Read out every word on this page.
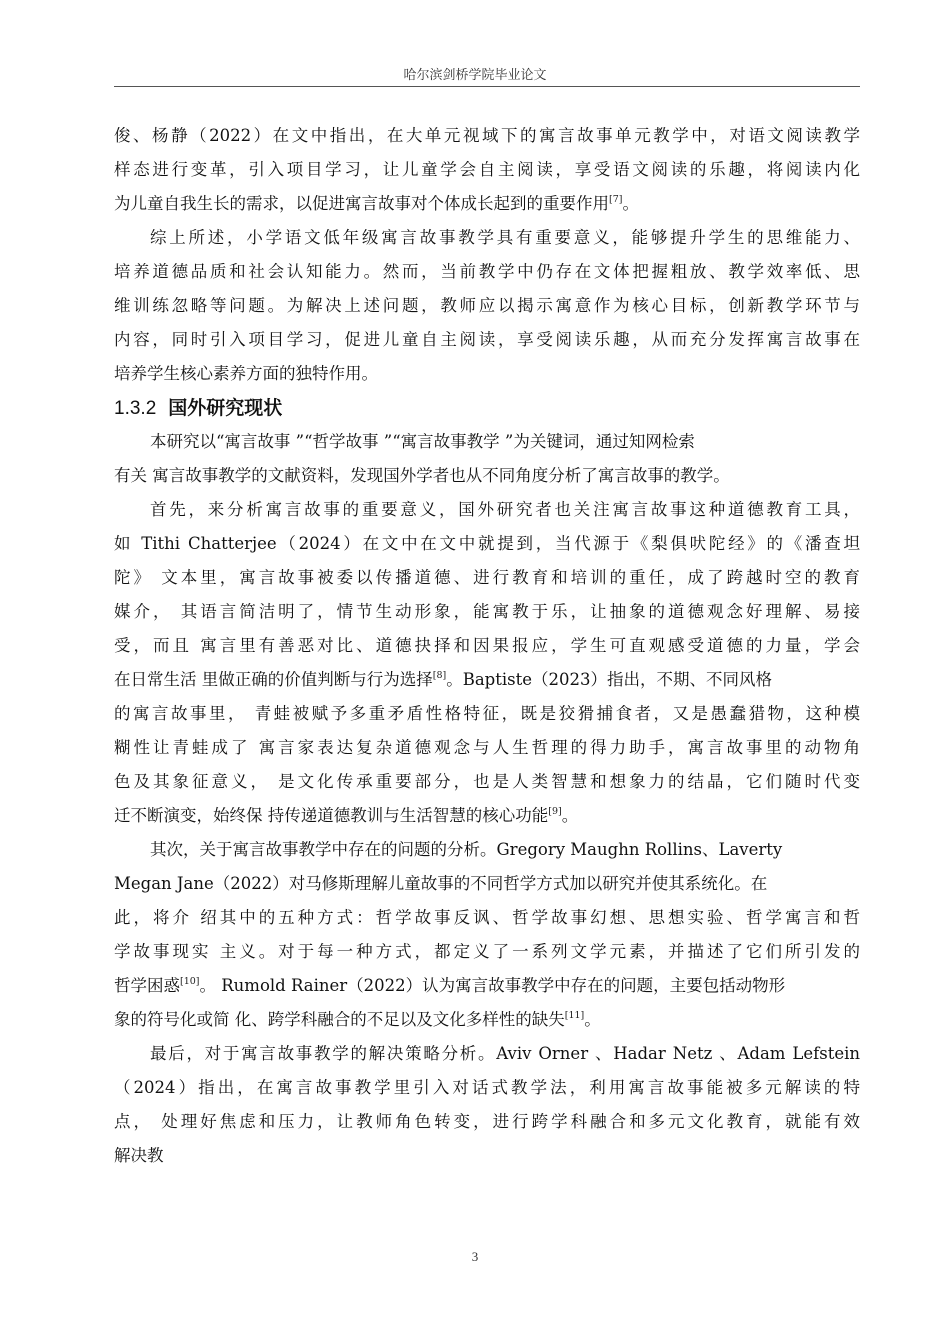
哈尔滨剑桥学院毕业论文
俊、杨静（2022）在文中指出，在大单元视域下的寓言故事单元教学中，对语文阅读教学
样态进行变革，引入项目学习，让儿童学会自主阅读，享受语文阅读的乐趣，将阅读内化
为儿童自我生长的需求，以促进寓言故事对个体成长起到的重要作用[7]。
综上所述，小学语文低年级寓言故事教学具有重要意义，能够提升学生的思维能力、
培养道德品质和社会认知能力。然而，当前教学中仍存在文体把握粗放、教学效率低、思
维训练忽略等问题。为解决上述问题，教师应以揭示寓意作为核心目标，创新教学环节与
内容，同时引入项目学习，促进儿童自主阅读，享受阅读乐趣，从而充分发挥寓言故事在
培养学生核心素养方面的独特作用。
1.3.2 国外研究现状
本研究以“寓言故事 ”“哲学故事 ”“寓言故事教学 ”为关键词，通过知网检索
有关 寓言故事教学的文献资料，发现国外学者也从不同角度分析了寓言故事的教学。
首先，来分析寓言故事的重要意义，国外研究者也关注寓言故事这种道德教育工具，
如 Tithi Chatterjee（2024）在文中在文中就提到，当代源于《梨俱吠陀经》的《潘查坦
陀》 文本里，寓言故事被委以传播道德、进行教育和培训的重任，成了跨越时空的教育
媒介， 其语言简洁明了，情节生动形象，能寓教于乐，让抽象的道德观念好理解、易接
受，而且 寓言里有善恶对比、道德抉择和因果报应，学生可直观感受道德的力量，学会
在日常生活 里做正确的价值判断与行为选择[8]。Baptiste（2023）指出，不期、不同风格
的寓言故事里， 青蛙被赋予多重矛盾性格特征，既是狡猾捕食者，又是愚蠢猎物，这种模
糊性让青蛙成了 寓言家表达复杂道德观念与人生哲理的得力助手，寓言故事里的动物角
色及其象征意义， 是文化传承重要部分，也是人类智慧和想象力的结晶，它们随时代变
迁不断演变，始终保 持传递道德教训与生活智慧的核心功能[9]。
其次，关于寓言故事教学中存在的问题的分析。Gregory Maughn Rollins、Laverty
Megan Jane（2022）对马修斯理解儿童故事的不同哲学方式加以研究并使其系统化。在
此，将介 绍其中的五种方式：哲学故事反讽、哲学故事幻想、思想实验、哲学寓言和哲
学故事现实 主义。对于每一种方式，都定义了一系列文学元素，并描述了它们所引发的
哲学困惑[10]。 Rumold Rainer（2022）认为寓言故事教学中存在的问题，主要包括动物形
象的符号化或简 化、跨学科融合的不足以及文化多样性的缺失[11]。
最后，对于寓言故事教学的解决策略分析。Aviv Orner 、Hadar Netz 、Adam Lefstein
（2024）指出，在寓言故事教学里引入对话式教学法，利用寓言故事能被多元解读的特
点， 处理好焦虑和压力，让教师角色转变，进行跨学科融合和多元文化教育，就能有效
解决教
3
